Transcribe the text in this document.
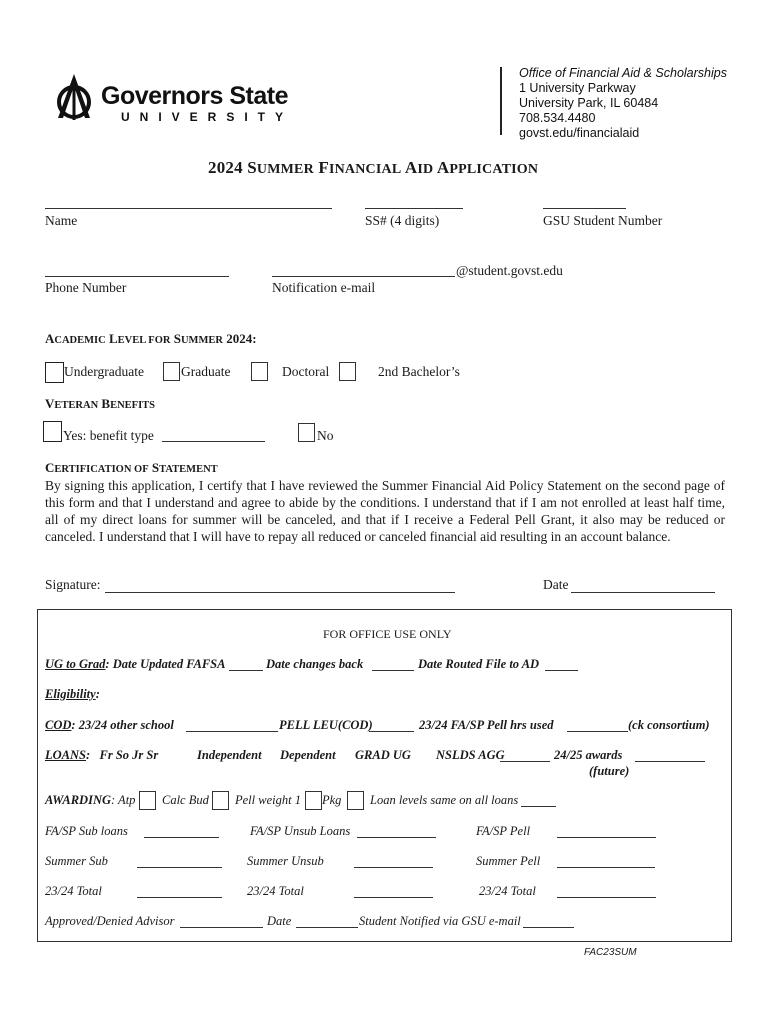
Governors State
UNIVERSITY
Office of Financial Aid & Scholarships
1 University Parkway
University Park, IL 60484
708.534.4480
govst.edu/financialaid
2024 SUMMER FINANCIAL AID APPLICATION
Name	SS# (4 digits)	GSU Student Number
@student.govst.edu
Phone Number	Notification e-mail
ACADEMIC LEVEL FOR SUMMER 2024:
Undergraduate	Graduate	Doctoral	2nd Bachelor’s
VETERAN BENEFITS
Yes: benefit type	No
CERTIFICATION OF STATEMENT
By signing this application, I certify that I have reviewed the Summer Financial Aid Policy Statement on the second page of this form and that I understand and agree to abide by the conditions. I understand that if I am not enrolled at least half time, all of my direct loans for summer will be canceled, and that if I receive a Federal Pell Grant, it also may be reduced or canceled. I understand that I will have to repay all reduced or canceled financial aid resulting in an account balance.
Signature:	Date
FOR OFFICE USE ONLY
UG to Grad: Date Updated FAFSA	Date changes back	Date Routed File to AD
Eligibility:
COD: 23/24 other school	PELL LEU(COD)	23/24 FA/SP Pell hrs used	(ck consortium)
LOANS:   Fr So Jr Sr	Independent Dependent GRAD UG NSLDS AGG	24/25 awards
(future)
AWARDING: Atp Calc Bud Pell weight 1 Pkg Loan levels same on all loans
FA/SP Sub loans	FA/SP Unsub Loans	FA/SP Pell
Summer Sub	Summer Unsub	Summer Pell
23/24 Total	23/24 Total	23/24 Total
Approved/Denied Advisor	Date	Student Notified via GSU e-mail
FAC23SUM
